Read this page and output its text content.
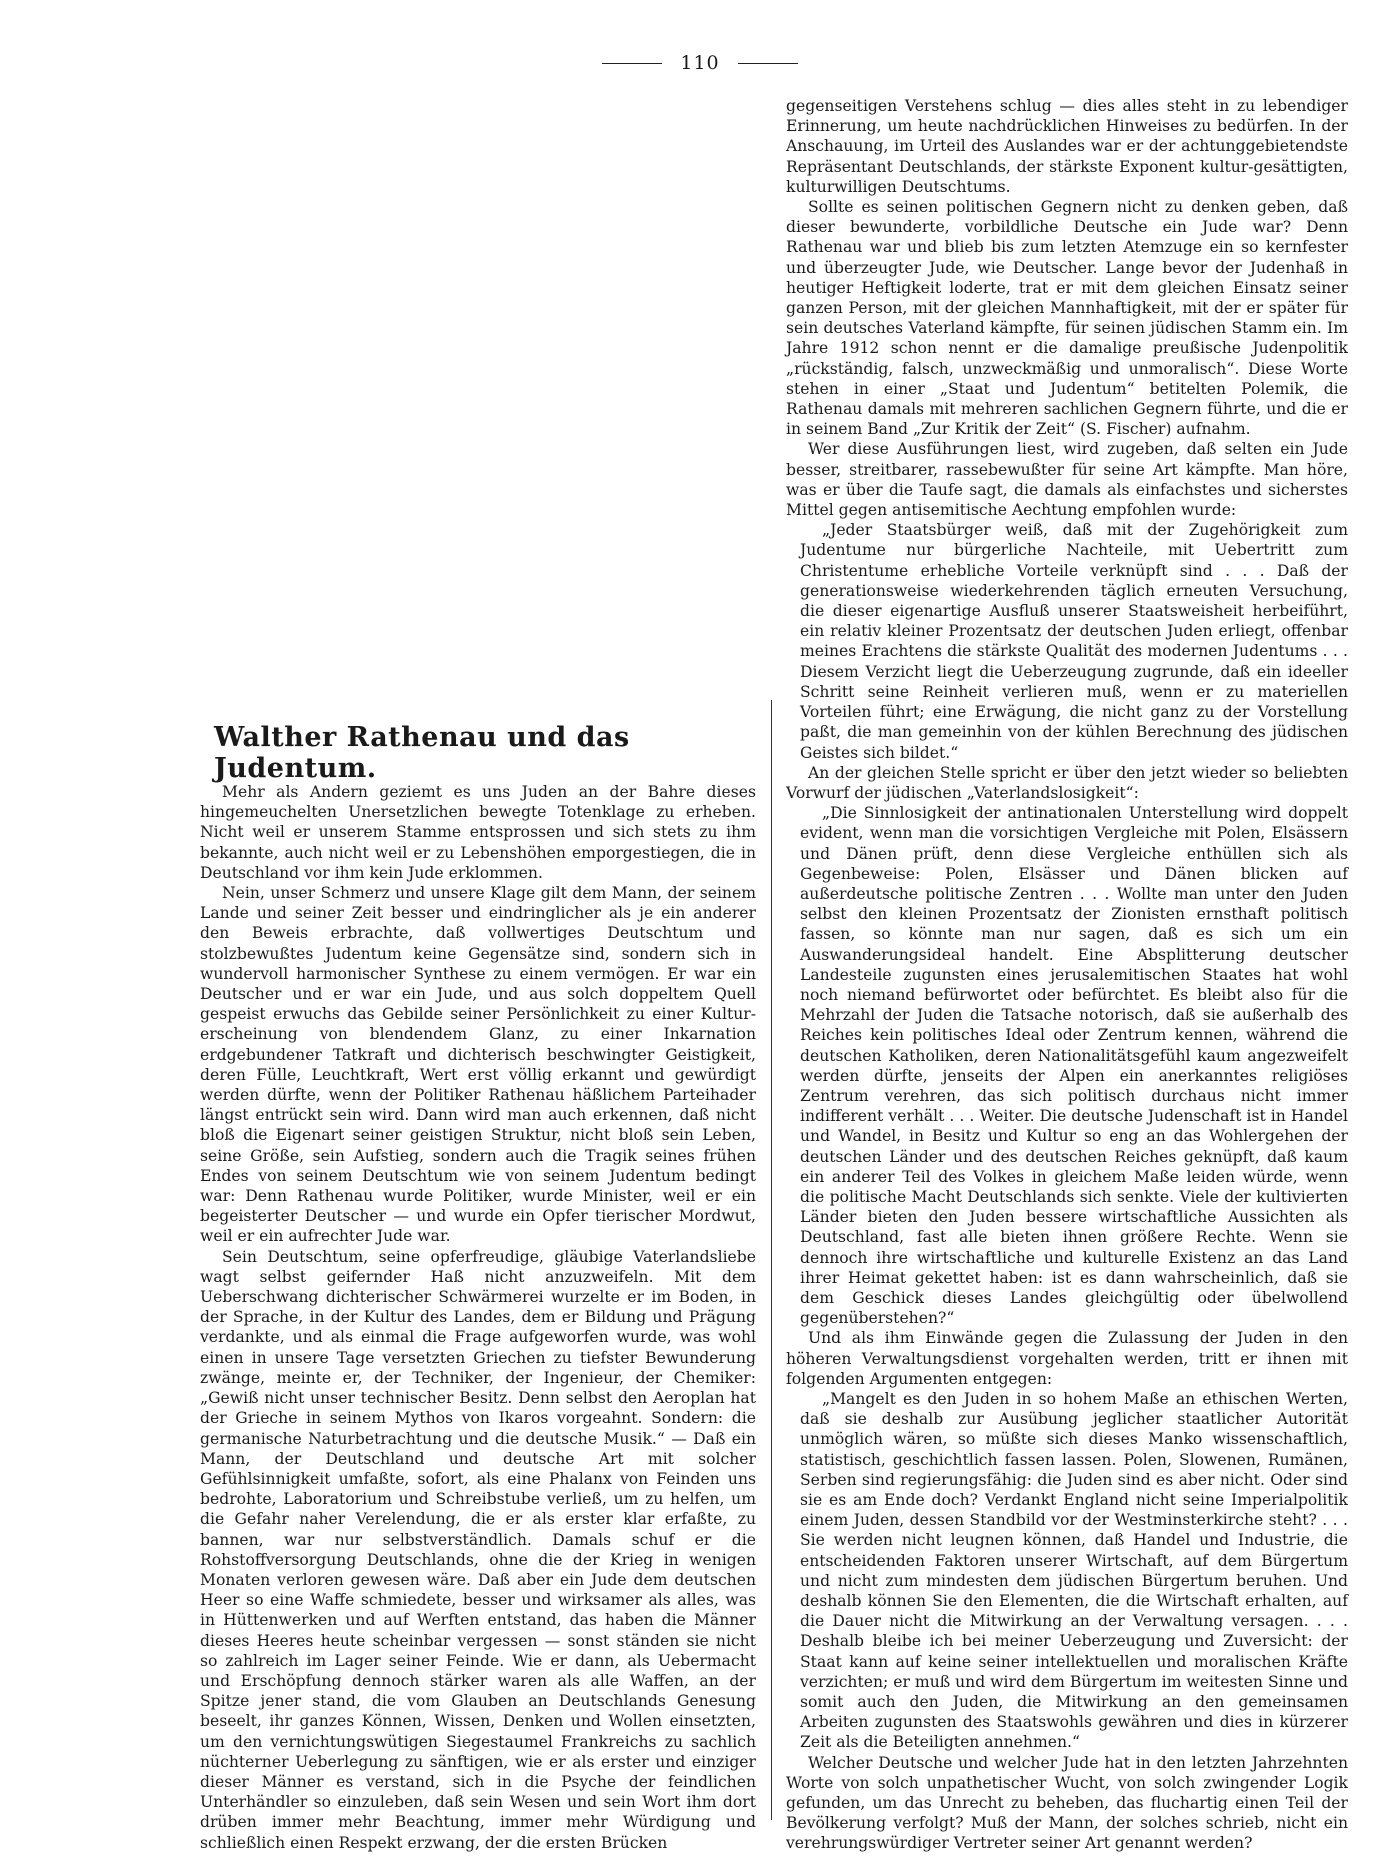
110
Walther Rathenau und das Judentum.

Mehr als Andern geziemt es uns Juden an der Bahre dieses hingemeuchelten Unersetzlichen bewegte Totenklage zu erheben. Nicht weil er unserem Stamme entsprossen und sich stets zu ihm bekannte, auch nicht weil er zu Lebenshöhen emporgestiegen, die in Deutschland vor ihm kein Jude erklommen.

Nein, unser Schmerz und unsere Klage gilt dem Mann, der seinem Lande und seiner Zeit besser und eindringlicher als je ein anderer den Beweis erbrachte, daß vollwertiges Deutschtum und stolzbewußtes Judentum keine Gegensätze sind, sondern sich in wundervoll harmonischer Synthese zu einem vermögen. Er war ein Deutscher und er war ein Jude, und aus solch doppeltem Quell gespeist erwuchs das Gebilde seiner Persönlichkeit zu einer Kultur-erscheinung von blendendem Glanz, zu einer Inkarnation erdgebundener Tatkraft und dichterisch beschwingter Geistigkeit, deren Fülle, Leuchtkraft, Wert erst völlig erkannt und gewürdigt werden dürfte, wenn der Politiker Rathenau häßlichem Parteihader längst entrückt sein wird. Dann wird man auch erkennen, daß nicht bloß die Eigenart seiner geistigen Struktur, nicht bloß sein Leben, seine Größe, sein Aufstieg, sondern auch die Tragik seines frühen Endes von seinem Deutschtum wie von seinem Judentum bedingt war: Denn Rathenau wurde Politiker, wurde Minister, weil er ein begeisterter Deutscher — und wurde ein Opfer tierischer Mordwut, weil er ein aufrechter Jude war.

Sein Deutschtum, seine opferfreudige, gläubige Vaterlandsliebe wagt selbst geifernder Haß nicht anzuzweifeln. Mit dem Ueberschwang dichterischer Schwärmerei wurzelte er im Boden, in der Sprache, in der Kultur des Landes, dem er Bildung und Prägung verdankte, und als einmal die Frage aufgeworfen wurde, was wohl einen in unsere Tage versetzten Griechen zu tiefster Bewunderung zwänge, meinte er, der Techniker, der Ingenieur, der Chemiker: „Gewiß nicht unser technischer Besitz. Denn selbst den Aeroplan hat der Grieche in seinem Mythos von Ikaros vorgeahnt. Sondern: die germanische Naturbetrachtung und die deutsche Musik.“ — Daß ein Mann, der Deutschland und deutsche Art mit solcher Gefühlsinnigkeit umfaßte, sofort, als eine Phalanx von Feinden uns bedrohte, Laboratorium und Schreibstube verließ, um zu helfen, um die Gefahr naher Verelendung, die er als erster klar erfaßte, zu bannen, war nur selbstverständlich. Damals schuf er die Rohstoffversorgung Deutschlands, ohne die der Krieg in wenigen Monaten verloren gewesen wäre. Daß aber ein Jude dem deutschen Heer so eine Waffe schmiedete, besser und wirksamer als alles, was in Hüttenwerken und auf Werften entstand, das haben die Männer dieses Heeres heute scheinbar vergessen — sonst ständen sie nicht so zahlreich im Lager seiner Feinde. Wie er dann, als Uebermacht und Erschöpfung dennoch stärker waren als alle Waffen, an der Spitze jener stand, die vom Glauben an Deutschlands Genesung beseelt, ihr ganzes Können, Wissen, Denken und Wollen einsetzten, um den vernichtungswütigen Siegestaumel Frankreichs zu sachlich nüchterner Ueberlegung zu sänftigen, wie er als erster und einziger dieser Männer es verstand, sich in die Psyche der feindlichen Unterhändler so einzuleben, daß sein Wesen und sein Wort ihm dort drüben immer mehr Beachtung, immer mehr Würdigung und schließlich einen Respekt erzwang, der die ersten Brücken

gegenseitigen Verstehens schlug — dies alles steht in zu lebendiger Erinnerung, um heute nachdrücklichen Hinweises zu bedürfen. In der Anschauung, im Urteil des Auslandes war er der achtunggebietendste Repräsentant Deutschlands, der stärkste Exponent kultur-gesättigten, kulturwilligen Deutschtums.

Sollte es seinen politischen Gegnern nicht zu denken geben, daß dieser bewunderte, vorbildliche Deutsche ein Jude war? Denn Rathenau war und blieb bis zum letzten Atemzuge ein so kernfester und überzeugter Jude, wie Deutscher. Lange bevor der Judenhaß in heutiger Heftigkeit loderte, trat er mit dem gleichen Einsatz seiner ganzen Person, mit der gleichen Mannhaftigkeit, mit der er später für sein deutsches Vaterland kämpfte, für seinen jüdischen Stamm ein. Im Jahre 1912 schon nennt er die damalige preußische Judenpolitik „rückständig, falsch, unzweckmäßig und unmoralisch“. Diese Worte stehen in einer „Staat und Judentum“ betitelten Polemik, die Rathenau damals mit mehreren sachlichen Gegnern führte, und die er in seinem Band „Zur Kritik der Zeit“ (S. Fischer) aufnahm.

Wer diese Ausführungen liest, wird zugeben, daß selten ein Jude besser, streitbarer, rassebewußter für seine Art kämpfte. Man höre, was er über die Taufe sagt, die damals als einfachstes und sicherstes Mittel gegen antisemitische Aechtung empfohlen wurde:

„Jeder Staatsbürger weiß, daß mit der Zugehörigkeit zum Judentume nur bürgerliche Nachteile, mit Uebertritt zum Christentume erhebliche Vorteile verknüpft sind . . . Daß der generationsweise wiederkehrenden täglich erneuten Versuchung, die dieser eigenartige Ausfluß unserer Staatsweisheit herbeiführt, ein relativ kleiner Prozentsatz der deutschen Juden erliegt, offenbar meines Erachtens die stärkste Qualität des modernen Judentums . . . Diesem Verzicht liegt die Ueberzeugung zugrunde, daß ein ideeller Schritt seine Reinheit verlieren muß, wenn er zu materiellen Vorteilen führt; eine Erwägung, die nicht ganz zu der Vorstellung paßt, die man gemeinhin von der kühlen Berechnung des jüdischen Geistes sich bildet.“

An der gleichen Stelle spricht er über den jetzt wieder so beliebten Vorwurf der jüdischen „Vaterlandslosigkeit“:

„Die Sinnlosigkeit der antinationalen Unterstellung wird doppelt evident, wenn man die vorsichtigen Vergleiche mit Polen, Elsässern und Dänen prüft, denn diese Vergleiche enthüllen sich als Gegenbeweise: Polen, Elsässer und Dänen blicken auf außerdeutsche politische Zentren . . . Wollte man unter den Juden selbst den kleinen Prozentsatz der Zionisten ernsthaft politisch fassen, so könnte man nur sagen, daß es sich um ein Auswanderungsideal handelt. Eine Absplitterung deutscher Landesteile zugunsten eines jerusalemitischen Staates hat wohl noch niemand befürwortet oder befürchtet. Es bleibt also für die Mehrzahl der Juden die Tatsache notorisch, daß sie außerhalb des Reiches kein politisches Ideal oder Zentrum kennen, während die deutschen Katholiken, deren Nationalitätsgefühl kaum angezweifelt werden dürfte, jenseits der Alpen ein anerkanntes religiöses Zentrum verehren, das sich politisch durchaus nicht immer indifferent verhält . . . Weiter. Die deutsche Judenschaft ist in Handel und Wandel, in Besitz und Kultur so eng an das Wohlergehen der deutschen Länder und des deutschen Reiches geknüpft, daß kaum ein anderer Teil des Volkes in gleichem Maße leiden würde, wenn die politische Macht Deutschlands sich senkte. Viele der kultivierten Länder bieten den Juden bessere wirtschaftliche Aussichten als Deutschland, fast alle bieten ihnen größere Rechte. Wenn sie dennoch ihre wirtschaftliche und kulturelle Existenz an das Land ihrer Heimat gekettet haben: ist es dann wahrscheinlich, daß sie dem Geschick dieses Landes gleichgültig oder übelwollend gegenüberstehen?“

Und als ihm Einwände gegen die Zulassung der Juden in den höheren Verwaltungsdienst vorgehalten werden, tritt er ihnen mit folgenden Argumenten entgegen:

„Mangelt es den Juden in so hohem Maße an ethischen Werten, daß sie deshalb zur Ausübung jeglicher staatlicher Autorität unmöglich wären, so müßte sich dieses Manko wissenschaftlich, statistisch, geschichtlich fassen lassen. Polen, Slowenen, Rumänen, Serben sind regierungsfähig: die Juden sind es aber nicht. Oder sind sie es am Ende doch? Verdankt England nicht seine Imperialpolitik einem Juden, dessen Standbild vor der Westminsterkirche steht? . . . Sie werden nicht leugnen können, daß Handel und Industrie, die entscheidenden Faktoren unserer Wirtschaft, auf dem Bürgertum und nicht zum mindesten dem jüdischen Bürgertum beruhen. Und deshalb können Sie den Elementen, die die Wirtschaft erhalten, auf die Dauer nicht die Mitwirkung an der Verwaltung versagen. . . . Deshalb bleibe ich bei meiner Ueberzeugung und Zuversicht: der Staat kann auf keine seiner intellektuellen und moralischen Kräfte verzichten; er muß und wird dem Bürgertum im weitesten Sinne und somit auch den Juden, die Mitwirkung an den gemeinsamen Arbeiten zugunsten des Staatswohls gewähren und dies in kürzerer Zeit als die Beteiligten annehmen.“

Welcher Deutsche und welcher Jude hat in den letzten Jahrzehnten Worte von solch unpathetischer Wucht, von solch zwingender Logik gefunden, um das Unrecht zu beheben, das fluchartig einen Teil der Bevölkerung verfolgt? Muß der Mann, der solches schrieb, nicht ein verehrungswürdiger Vertreter seiner Art genannt werden?
